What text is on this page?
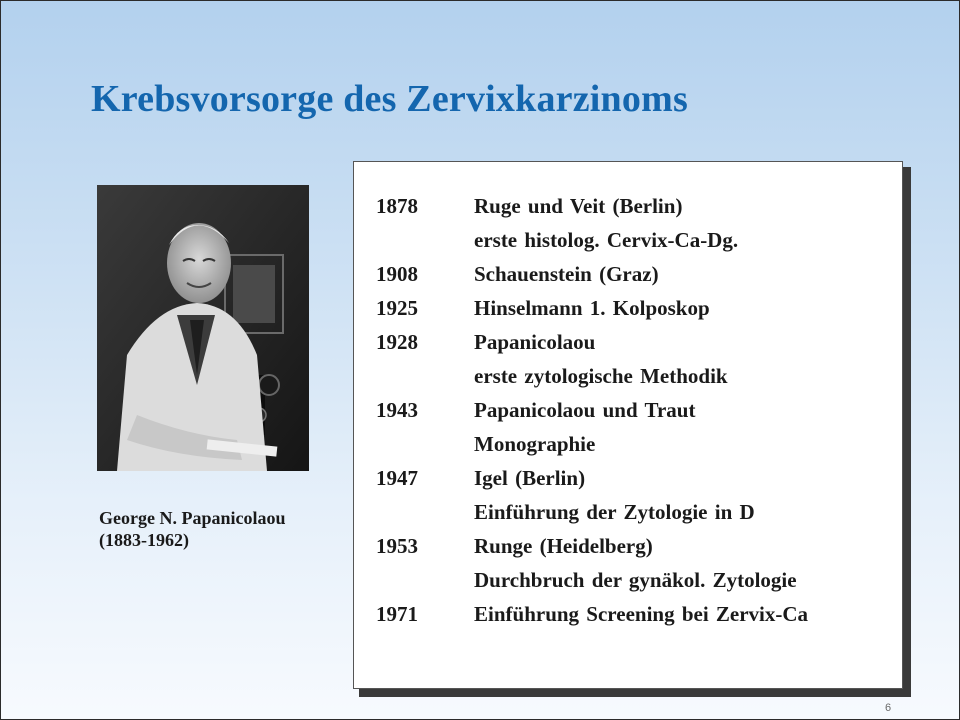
Krebsvorsorge des Zervixkarzinoms
George N. Papanicolaou
(1883-1962)
1878	Ruge und Veit (Berlin)
erste histolog. Cervix-Ca-Dg.
1908	Schauenstein (Graz)
1925	Hinselmann 1. Kolposkop
1928	Papanicolaou
erste zytologische Methodik
1943	Papanicolaou und Traut
Monographie
1947	Igel (Berlin)
Einführung der Zytologie in D
1953	Runge (Heidelberg)
Durchbruch der gynäkol. Zytologie
1971	Einführung Screening bei Zervix-Ca
6
